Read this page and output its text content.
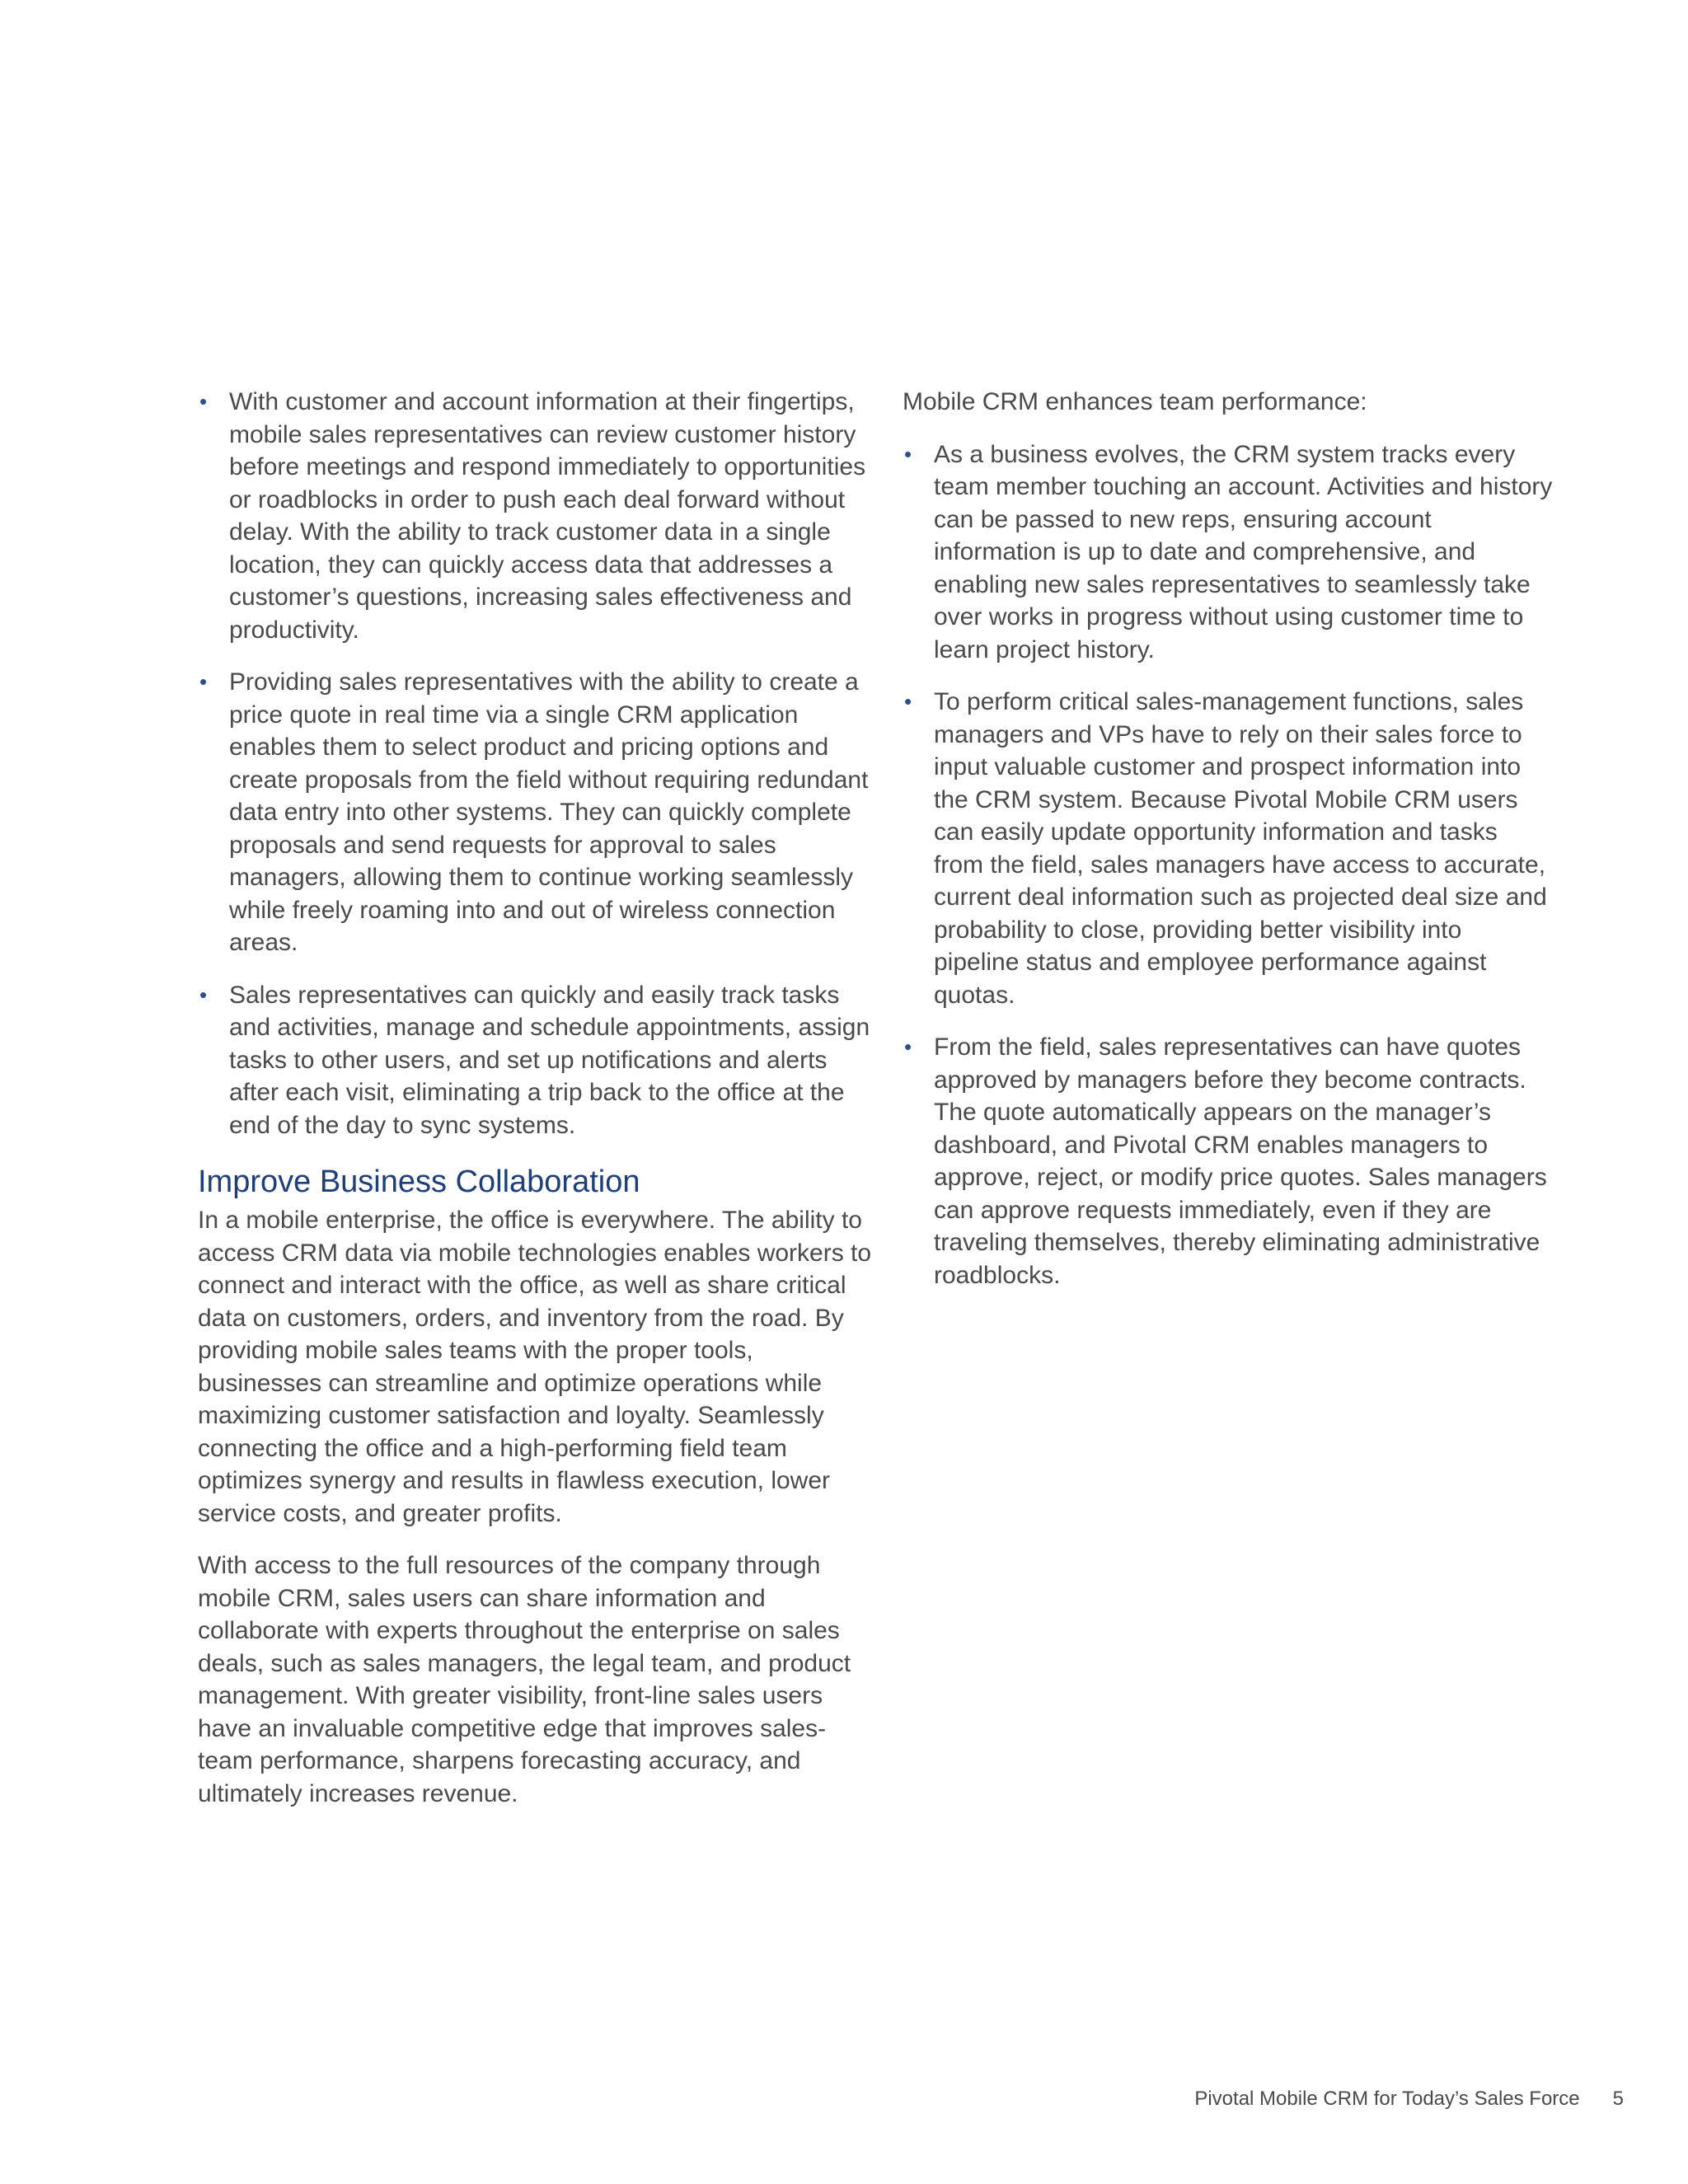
• With customer and account information at their fingertips, mobile sales representatives can review customer history before meetings and respond immediately to opportunities or roadblocks in order to push each deal forward without delay. With the ability to track customer data in a single location, they can quickly access data that addresses a customer’s questions, increasing sales effectiveness and productivity.
• Providing sales representatives with the ability to create a price quote in real time via a single CRM application enables them to select product and pricing options and create proposals from the field without requiring redundant data entry into other systems. They can quickly complete proposals and send requests for approval to sales managers, allowing them to continue working seamlessly while freely roaming into and out of wireless connection areas.
• Sales representatives can quickly and easily track tasks and activities, manage and schedule appointments, assign tasks to other users, and set up notifications and alerts after each visit, eliminating a trip back to the office at the end of the day to sync systems.
Improve Business Collaboration

In a mobile enterprise, the office is everywhere. The ability to access CRM data via mobile technologies enables workers to connect and interact with the office, as well as share critical data on customers, orders, and inventory from the road. By providing mobile sales teams with the proper tools, businesses can streamline and optimize operations while maximizing customer satisfaction and loyalty. Seamlessly connecting the office and a high-performing field team optimizes synergy and results in flawless execution, lower service costs, and greater profits.

With access to the full resources of the company through mobile CRM, sales users can share information and collaborate with experts throughout the enterprise on sales deals, such as sales managers, the legal team, and product management. With greater visibility, front-line sales users have an invaluable competitive edge that improves sales-team performance, sharpens forecasting accuracy, and ultimately increases revenue.

Mobile CRM enhances team performance:

• As a business evolves, the CRM system tracks every team member touching an account. Activities and history can be passed to new reps, ensuring account information is up to date and comprehensive, and enabling new sales representatives to seamlessly take over works in progress without using customer time to learn project history.
• To perform critical sales-management functions, sales managers and VPs have to rely on their sales force to input valuable customer and prospect information into the CRM system. Because Pivotal Mobile CRM users can easily update opportunity information and tasks from the field, sales managers have access to accurate, current deal information such as projected deal size and probability to close, providing better visibility into pipeline status and employee performance against quotas.
• From the field, sales representatives can have quotes approved by managers before they become contracts. The quote automatically appears on the manager’s dashboard, and Pivotal CRM enables managers to approve, reject, or modify price quotes. Sales managers can approve requests immediately, even if they are traveling themselves, thereby eliminating administrative roadblocks.
Pivotal Mobile CRM for Today’s Sales Force 5
